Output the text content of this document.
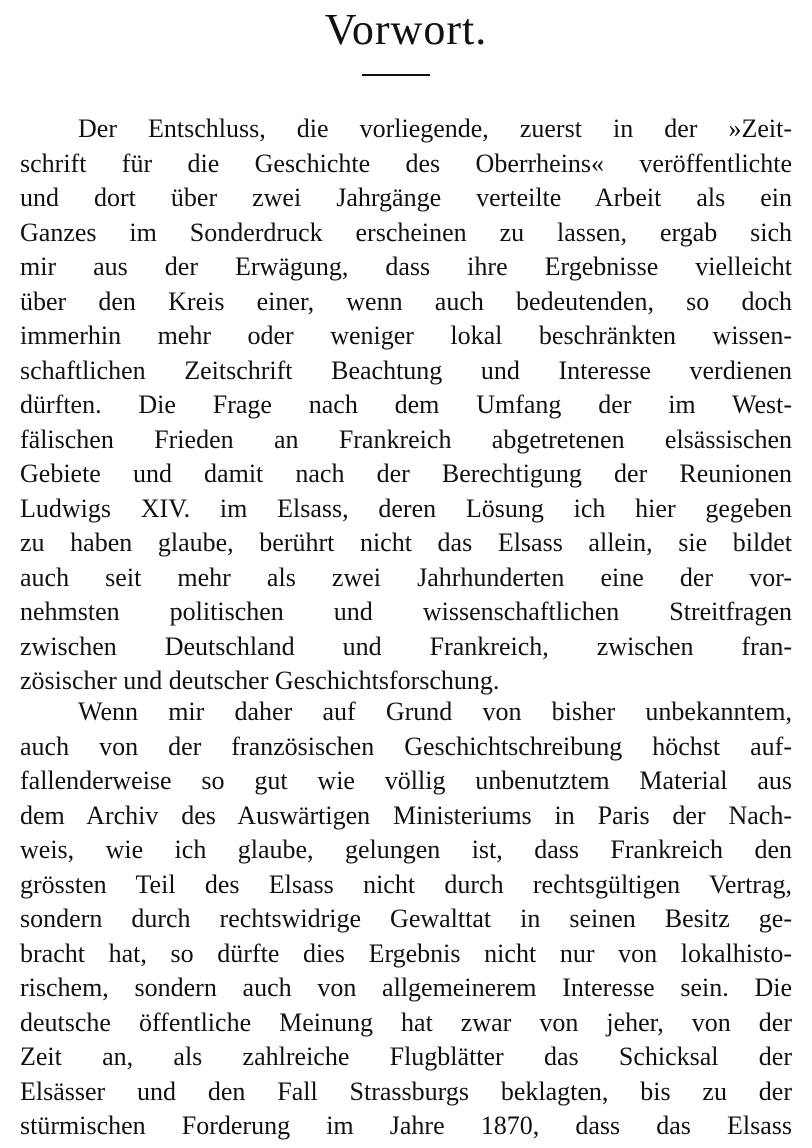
Vorwort.
Der Entschluss, die vorliegende, zuerst in der »Zeit-
schrift für die Geschichte des Oberrheins« veröffentlichte
und dort über zwei Jahrgänge verteilte Arbeit als ein
Ganzes im Sonderdruck erscheinen zu lassen, ergab sich
mir aus der Erwägung, dass ihre Ergebnisse vielleicht
über den Kreis einer, wenn auch bedeutenden, so doch
immerhin mehr oder weniger lokal beschränkten wissen-
schaftlichen Zeitschrift Beachtung und Interesse verdienen
dürften. Die Frage nach dem Umfang der im West-
fälischen Frieden an Frankreich abgetretenen elsässischen
Gebiete und damit nach der Berechtigung der Reunionen
Ludwigs XIV. im Elsass, deren Lösung ich hier gegeben
zu haben glaube, berührt nicht das Elsass allein, sie bildet
auch seit mehr als zwei Jahrhunderten eine der vor-
nehmsten politischen und wissenschaftlichen Streitfragen
zwischen Deutschland und Frankreich, zwischen fran-
zösischer und deutscher Geschichtsforschung.
Wenn mir daher auf Grund von bisher unbekanntem,
auch von der französischen Geschichtschreibung höchst auf-
fallenderweise so gut wie völlig unbenutztem Material aus
dem Archiv des Auswärtigen Ministeriums in Paris der Nach-
weis, wie ich glaube, gelungen ist, dass Frankreich den
grössten Teil des Elsass nicht durch rechtsgültigen Vertrag,
sondern durch rechtswidrige Gewalttat in seinen Besitz ge-
bracht hat, so dürfte dies Ergebnis nicht nur von lokalhisto-
rischem, sondern auch von allgemeinerem Interesse sein. Die
deutsche öffentliche Meinung hat zwar von jeher, von der
Zeit an, als zahlreiche Flugblätter das Schicksal der
Elsässer und den Fall Strassburgs beklagten, bis zu der
stürmischen Forderung im Jahre 1870, dass das Elsass
